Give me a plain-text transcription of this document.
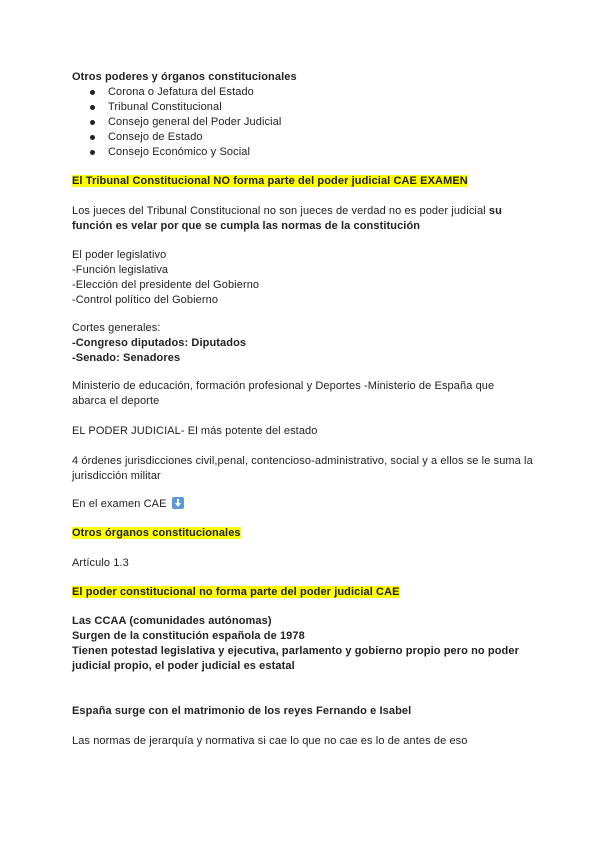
Otros poderes y órganos constitucionales
Corona o Jefatura del Estado
Tribunal Constitucional
Consejo general del Poder Judicial
Consejo de Estado
Consejo Económico y Social
El Tribunal Constitucional NO forma parte del poder judicial CAE EXAMEN
Los jueces del Tribunal Constitucional no son jueces de verdad no es poder judicial su
función es velar por que se cumpla las normas de la constitución
El poder legislativo
-Función legislativa
-Elección del presidente del Gobierno
-Control político del Gobierno
Cortes generales:
-Congreso diputados: Diputados
-Senado: Senadores
Ministerio de educación, formación profesional y Deportes -Ministerio de España que
abarca el deporte
EL PODER JUDICIAL- El más potente del estado
4 órdenes jurisdicciones civil,penal, contencioso-administrativo, social y a ellos se le suma la
jurisdicción militar
En el examen CAE
Otros órganos constitucionales
Artículo 1.3
El poder constitucional no forma parte del poder judicial CAE
Las CCAA (comunidades autónomas)
Surgen de la constitución española de 1978
Tienen potestad legislativa y ejecutiva, parlamento y gobierno propio pero no poder
judicial propio, el poder judicial es estatal
España surge con el matrimonio de los reyes Fernando e Isabel
Las normas de jerarquía y normativa si cae lo que no cae es lo de antes de eso
